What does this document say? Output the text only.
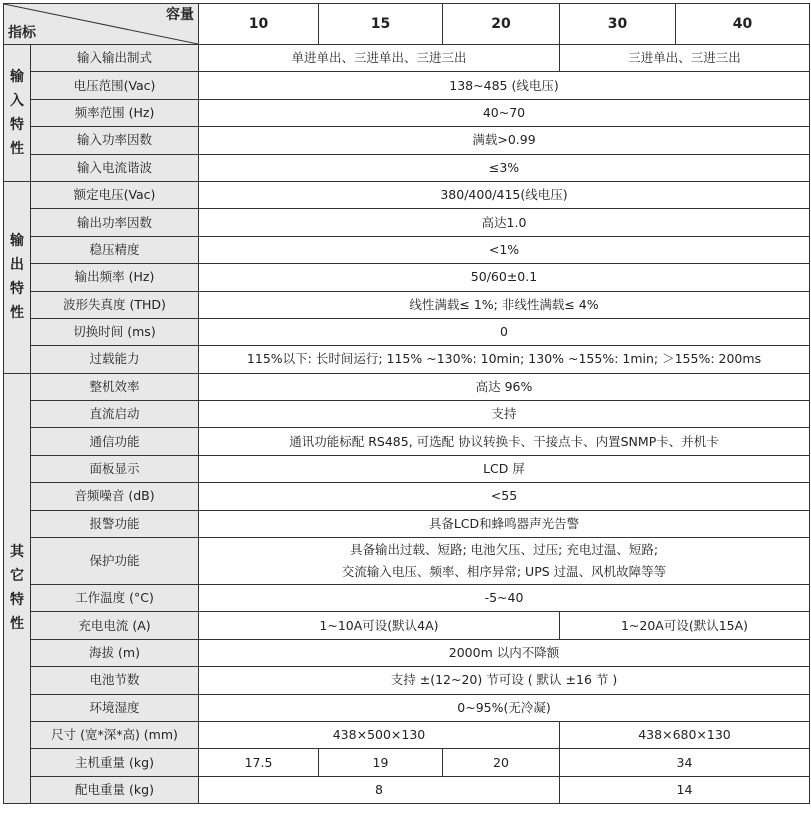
容量
指标		10	15	20	30	40
输入特性	输入输出制式	单进单出、三进单出、三进三出			三进单出、三进三出	
	电压范围(Vac)	138~485 (线电压)				
	频率范围 (Hz)	40~70				
	输入功率因数	满载>0.99				
	输入电流谐波	≤3%				
输出特性	额定电压(Vac)	380/400/415(线电压)				
	输出功率因数	高达1.0				
	稳压精度	<1%				
	输出频率 (Hz)	50/60±0.1				
	波形失真度 (THD)	线性满载≤ 1%; 非线性满载≤ 4%				
	切换时间 (ms)	0				
	过载能力	115%以下: 长时间运行; 115% ~130%: 10min; 130% ~155%: 1min; ＞155%: 200ms				
其它特性	整机效率	高达 96%				
	直流启动	支持				
	通信功能	通讯功能标配 RS485, 可选配 协议转换卡、干接点卡、内置SNMP卡、并机卡				
	面板显示	LCD 屏				
	音频噪音 (dB)	<55				
	报警功能	具备LCD和蜂鸣器声光告警				
	保护功能	具备输出过载、短路; 电池欠压、过压; 充电过温、短路;
交流输入电压、频率、相序异常; UPS 过温、风机故障等等				

	工作温度 (°C)	-5~40				
	充电电流 (A)	1~10A可设(默认4A)			1~20A可设(默认15A)	
	海拔 (m)	2000m 以内不降额				
	电池节数	支持 ±(12~20) 节可设 ( 默认 ±16 节 )				
	环境湿度	0~95%(无冷凝)				
	尺寸 (宽*深*高) (mm)	438×500×130			438×680×130	
	主机重量 (kg)	17.5	19	20	34	
	配电重量 (kg)	8			14	
